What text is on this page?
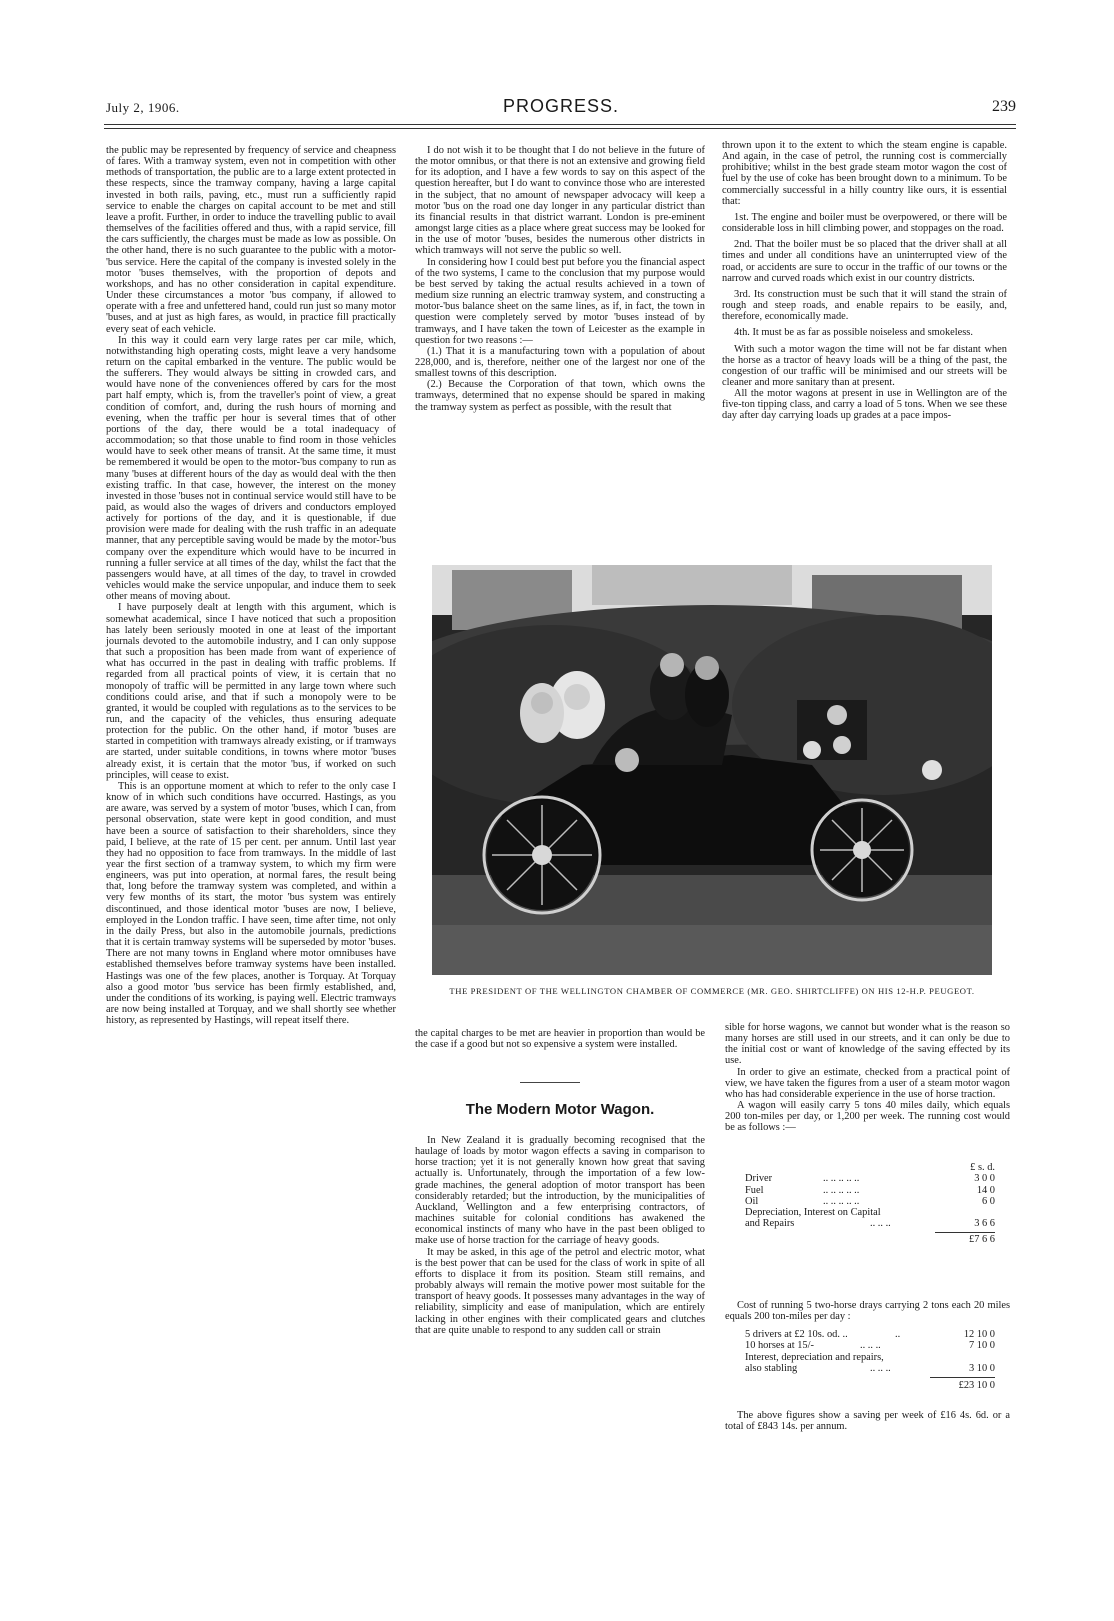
July 2, 1906.	PROGRESS.	239

the public may be represented by frequency of service and cheapness of fares. With a tramway system, even not in competition with other methods of transportation, the public are to a large extent protected in these respects, since the tramway company, having a large capital invested in both rails, paving, etc., must run a sufficiently rapid service to enable the charges on capital account to be met and still leave a profit. Further, in order to induce the travelling public to avail themselves of the facilities offered and thus, with a rapid service, fill the cars sufficiently, the charges must be made as low as possible. On the other hand, there is no such guarantee to the public with a motor-'bus service. Here the capital of the company is invested solely in the motor 'buses themselves, with the proportion of depots and workshops, and has no other consideration in capital expenditure. Under these circumstances a motor 'bus company, if allowed to operate with a free and unfettered hand, could run just so many motor 'buses, and at just as high fares, as would, in practice fill practically every seat of each vehicle.

In this way it could earn very large rates per car mile, which, notwithstanding high operating costs, might leave a very handsome return on the capital embarked in the venture. The public would be the sufferers. They would always be sitting in crowded cars, and would have none of the conveniences offered by cars for the most part half empty, which is, from the traveller's point of view, a great condition of comfort, and, during the rush hours of morning and evening, when the traffic per hour is several times that of other portions of the day, there would be a total inadequacy of accommodation; so that those unable to find room in those vehicles would have to seek other means of transit. At the same time, it must be remembered it would be open to the motor-'bus company to run as many 'buses at different hours of the day as would deal with the then existing traffic. In that case, however, the interest on the money invested in those 'buses not in continual service would still have to be paid, as would also the wages of drivers and conductors employed actively for portions of the day, and it is questionable, if due provision were made for dealing with the rush traffic in an adequate manner, that any perceptible saving would be made by the motor-'bus company over the expenditure which would have to be incurred in running a fuller service at all times of the day, whilst the fact that the passengers would have, at all times of the day, to travel in crowded vehicles would make the service unpopular, and induce them to seek other means of moving about.

I have purposely dealt at length with this argument, which is somewhat academical, since I have noticed that such a proposition has lately been seriously mooted in one at least of the important journals devoted to the automobile industry, and I can only suppose that such a proposition has been made from want of experience of what has occurred in the past in dealing with traffic problems. If regarded from all practical points of view, it is certain that no monopoly of traffic will be permitted in any large town where such conditions could arise, and that if such a monopoly were to be granted, it would be coupled with regulations as to the services to be run, and the capacity of the vehicles, thus ensuring adequate protection for the public. On the other hand, if motor 'buses are started in competition with tramways already existing, or if tramways are started, under suitable conditions, in towns where motor 'buses already exist, it is certain that the motor 'bus, if worked on such principles, will cease to exist.

This is an opportune moment at which to refer to the only case I know of in which such conditions have occurred. Hastings, as you are aware, was served by a system of motor 'buses, which I can, from personal observation, state were kept in good condition, and must have been a source of satisfaction to their shareholders, since they paid, I believe, at the rate of 15 per cent. per annum. Until last year they had no opposition to face from tramways. In the middle of last year the first section of a tramway system, to which my firm were engineers, was put into operation, at normal fares, the result being that, long before the tramway system was completed, and within a very few months of its start, the motor 'bus system was entirely discontinued, and those identical motor 'buses are now, I believe, employed in the London traffic. I have seen, time after time, not only in the daily Press, but also in the automobile journals, predictions that it is certain tramway systems will be superseded by motor 'buses. There are not many towns in England where motor omnibuses have established themselves before tramway systems have been installed. Hastings was one of the few places, another is Torquay. At Torquay also a good motor 'bus service has been firmly established, and, under the conditions of its working, is paying well. Electric tramways are now being installed at Torquay, and we shall shortly see whether history, as represented by Hastings, will repeat itself there.

I do not wish it to be thought that I do not believe in the future of the motor omnibus, or that there is not an extensive and growing field for its adoption, and I have a few words to say on this aspect of the question hereafter, but I do want to convince those who are interested in the subject, that no amount of newspaper advocacy will keep a motor 'bus on the road one day longer in any particular district than its financial results in that district warrant. London is pre-eminent amongst large cities as a place where great success may be looked for in the use of motor 'buses, besides the numerous other districts in which tramways will not serve the public so well.

In considering how I could best put before you the financial aspect of the two systems, I came to the conclusion that my purpose would be best served by taking the actual results achieved in a town of medium size running an electric tramway system, and constructing a motor-'bus balance sheet on the same lines, as if, in fact, the town in question were completely served by motor 'buses instead of by tramways, and I have taken the town of Leicester as the example in question for two reasons :—

(1.) That it is a manufacturing town with a population of about 228,000, and is, therefore, neither one of the largest nor one of the smallest towns of this description.

(2.) Because the Corporation of that town, which owns the tramways, determined that no expense should be spared in making the tramway system as perfect as possible, with the result that

thrown upon it to the extent to which the steam engine is capable. And again, in the case of petrol, the running cost is commercially prohibitive; whilst in the best grade steam motor wagon the cost of fuel by the use of coke has been brought down to a minimum. To be commercially successful in a hilly country like ours, it is essential that:

1st. The engine and boiler must be overpowered, or there will be considerable loss in hill climbing power, and stoppages on the road.

2nd. That the boiler must be so placed that the driver shall at all times and under all conditions have an uninterrupted view of the road, or accidents are sure to occur in the traffic of our towns or the narrow and curved roads which exist in our country districts.

3rd. Its construction must be such that it will stand the strain of rough and steep roads, and enable repairs to be easily, and, therefore, economically made.

4th. It must be as far as possible noiseless and smokeless.

With such a motor wagon the time will not be far distant when the horse as a tractor of heavy loads will be a thing of the past, the congestion of our traffic will be minimised and our streets will be cleaner and more sanitary than at present.

All the motor wagons at present in use in Wellington are of the five-ton tipping class, and carry a load of 5 tons. When we see these day after day carrying loads up grades at a pace impos-

THE PRESIDENT OF THE WELLINGTON CHAMBER OF COMMERCE (MR. GEO. SHIRTCLIFFE) ON HIS 12-H.P. PEUGEOT.

the capital charges to be met are heavier in proportion than would be the case if a good but not so expensive a system were installed.

The Modern Motor Wagon.

In New Zealand it is gradually becoming recognised that the haulage of loads by motor wagon effects a saving in comparison to horse traction; yet it is not generally known how great that saving actually is. Unfortunately, through the importation of a few low-grade machines, the general adoption of motor transport has been considerably retarded; but the introduction, by the municipalities of Auckland, Wellington and a few enterprising contractors, of machines suitable for colonial conditions has awakened the economical instincts of many who have in the past been obliged to make use of horse traction for the carriage of heavy goods.

It may be asked, in this age of the petrol and electric motor, what is the best power that can be used for the class of work in spite of all efforts to displace it from its position. Steam still remains, and probably always will remain the motive power most suitable for the transport of heavy goods. It possesses many advantages in the way of reliability, simplicity and ease of manipulation, which are entirely lacking in other engines with their complicated gears and clutches that are quite unable to respond to any sudden call or strain

sible for horse wagons, we cannot but wonder what is the reason so many horses are still used in our streets, and it can only be due to the initial cost or want of knowledge of the saving effected by its use.

In order to give an estimate, checked from a practical point of view, we have taken the figures from a user of a steam motor wagon who has had considerable experience in the use of horse traction.

A wagon will easily carry 5 tons 40 miles daily, which equals 200 ton-miles per day, or 1,200 per week. The running cost would be as follows :—

£ s. d.
Driver	.. .. .. .. ..	3 0 0
Fuel	.. .. .. .. ..	14 0
Oil	.. .. .. .. ..	6 0
Depreciation, Interest on Capital
and Repairs	.. .. ..	3 6 6
£7 6 6

Cost of running 5 two-horse drays carrying 2 tons each 20 miles equals 200 ton-miles per day :

5 drivers at £2 10s. od. ..	..	12 10 0
10 horses at 15/-	.. .. ..	7 10 0
Interest, depreciation and repairs,
also stabling	.. .. ..	3 10 0
£23 10 0

The above figures show a saving per week of £16 4s. 6d. or a total of £843 14s. per annum.
